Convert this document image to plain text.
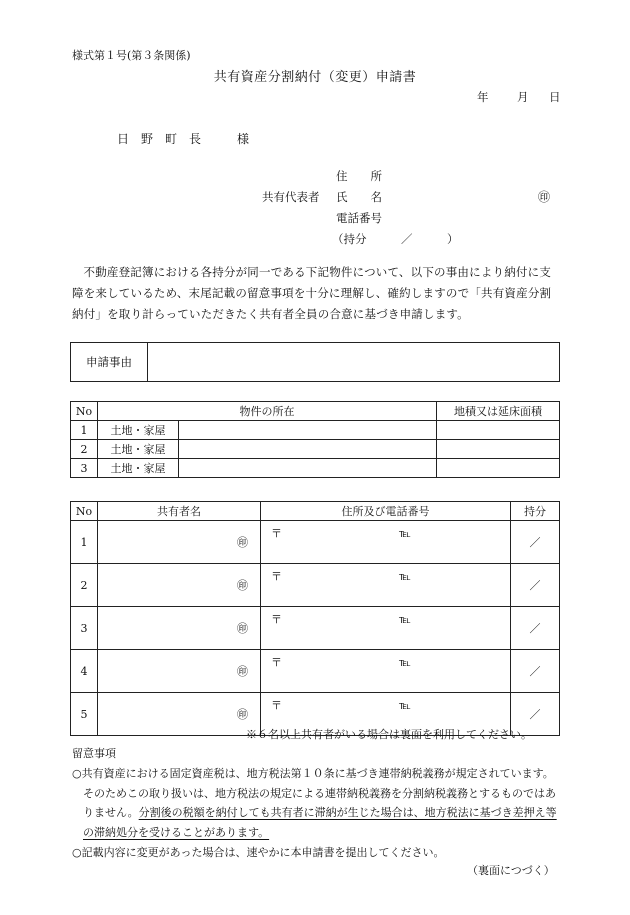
様式第１号(第３条関係)
共有資産分割納付（変更）申請書
年 月 日
日野町長　様
住　　所
共有代表者 氏　　名	㊞
電話番号
（持分　　　／　　　）
不動産登記簿における各持分が同一である下記物件について、以下の事由により納付に支障を来しているため、末尾記載の留意事項を十分に理解し、確約しますので「共有資産分割納付」を取り計らっていただきたく共有者全員の合意に基づき申請します。
申請事由	
No	物件の所在		地積又は延床面積
1	土地・家屋		
2	土地・家屋		
3	土地・家屋		
No	共有者名	住所及び電話番号	持分
1	㊞	〒 ℡	／
2	㊞	〒 ℡	／
3	㊞	〒 ℡	／
4	㊞	〒 ℡	／
5	㊞	〒 ℡	／
※６名以上共有者がいる場合は裏面を利用してください。
留意事項
○共有資産における固定資産税は、地方税法第１０条に基づき連帯納税義務が規定されています。そのためこの取り扱いは、地方税法の規定による連帯納税義務を分割納税義務とするものではありません。分割後の税額を納付しても共有者に滞納が生じた場合は、地方税法に基づき差押え等の滞納処分を受けることがあります。
○記載内容に変更があった場合は、速やかに本申請書を提出してください。
（裏面につづく）
